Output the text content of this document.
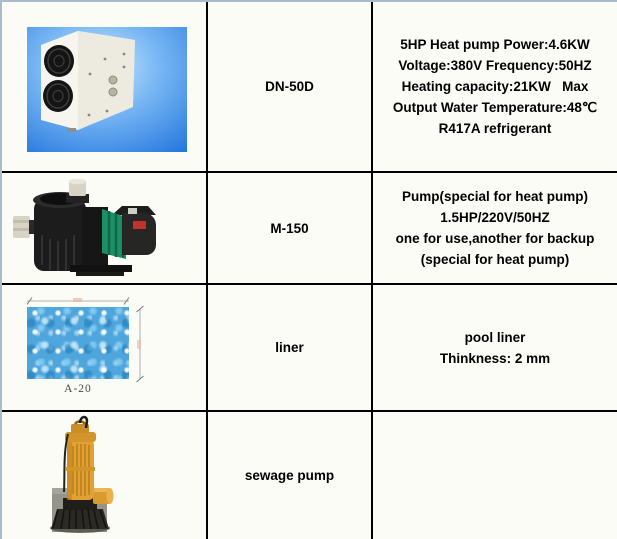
DN-50D
5HP Heat pump Power:4.6KW
Voltage:380V Frequency:50HZ
Heating capacity:21KW   Max
Output Water Temperature:48℃
R417A refrigerant
M-150
Pump(special for heat pump)
1.5HP/220V/50HZ
one for use,another for backup
(special for heat pump)
A-20
liner
pool liner
Thinkness: 2 mm
sewage pump
